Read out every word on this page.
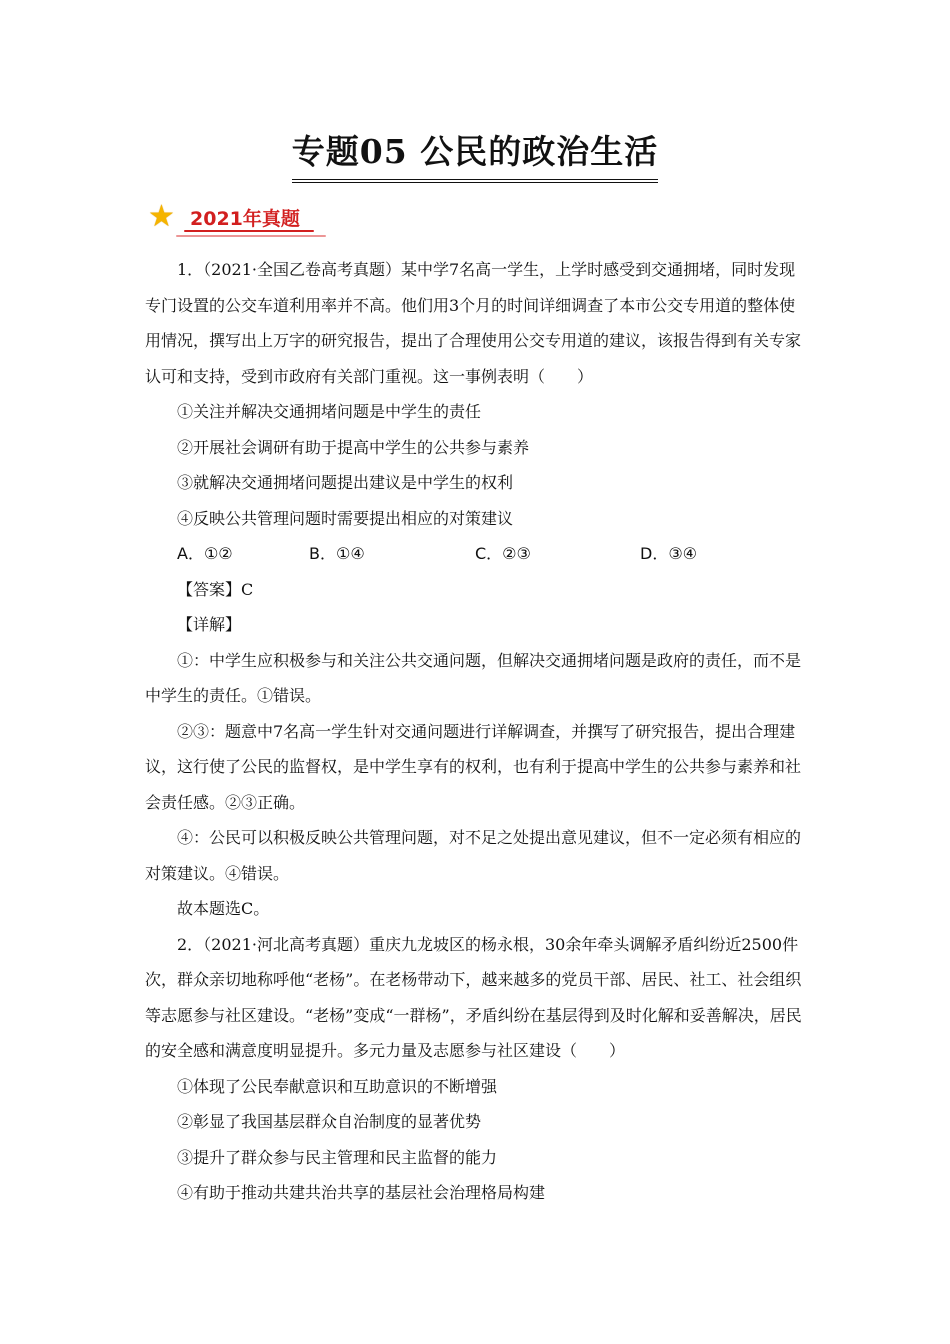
专题05 公民的政治生活
★ 2021年真题

1．（2021·全国乙卷高考真题）某中学7名高一学生，上学时感受到交通拥堵，同时发现专门设置的公交车道利用率并不高。他们用3个月的时间详细调查了本市公交专用道的整体使用情况，撰写出上万字的研究报告，提出了合理使用公交专用道的建议，该报告得到有关专家认可和支持，受到市政府有关部门重视。这一事例表明（　　）

①关注并解决交通拥堵问题是中学生的责任

②开展社会调研有助于提高中学生的公共参与素养

③就解决交通拥堵问题提出建议是中学生的权利

④反映公共管理问题时需要提出相应的对策建议

A．①②	B．①④	C．②③	D．③④

【答案】C

【详解】

①：中学生应积极参与和关注公共交通问题，但解决交通拥堵问题是政府的责任，而不是中学生的责任。①错误。

②③：题意中7名高一学生针对交通问题进行详解调查，并撰写了研究报告，提出合理建议，这行使了公民的监督权，是中学生享有的权利，也有利于提高中学生的公共参与素养和社会责任感。②③正确。

④：公民可以积极反映公共管理问题，对不足之处提出意见建议，但不一定必须有相应的对策建议。④错误。

故本题选C。

2．（2021·河北高考真题）重庆九龙坡区的杨永根，30余年牵头调解矛盾纠纷近2500件次，群众亲切地称呼他“老杨”。在老杨带动下，越来越多的党员干部、居民、社工、社会组织等志愿参与社区建设。“老杨”变成“一群杨”，矛盾纠纷在基层得到及时化解和妥善解决，居民的安全感和满意度明显提升。多元力量及志愿参与社区建设（　　）

①体现了公民奉献意识和互助意识的不断增强

②彰显了我国基层群众自治制度的显著优势

③提升了群众参与民主管理和民主监督的能力

④有助于推动共建共治共享的基层社会治理格局构建
